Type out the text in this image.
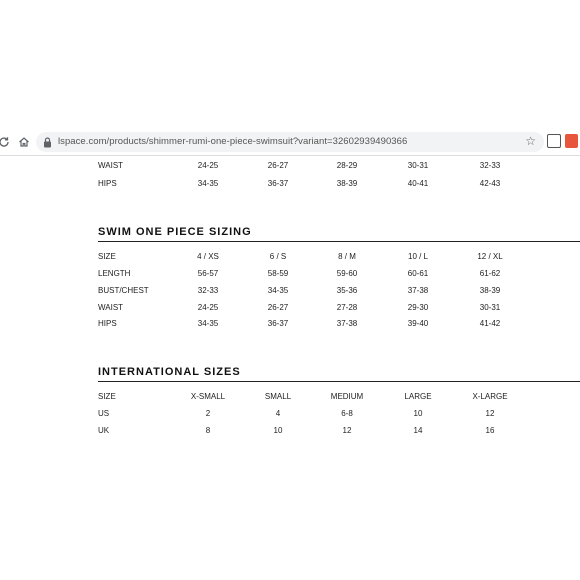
lspace.com/products/shimmer-rumi-one-piece-swimsuit?variant=32602939490366	☆
WAIST	24-25	26-27	28-29	30-31	32-33
HIPS	34-35	36-37	38-39	40-41	42-43
SWIM ONE PIECE SIZING
SIZE	4 / XS	6 / S	8 / M	10 / L	12 / XL
LENGTH	56-57	58-59	59-60	60-61	61-62
BUST/CHEST	32-33	34-35	35-36	37-38	38-39
WAIST	24-25	26-27	27-28	29-30	30-31
HIPS	34-35	36-37	37-38	39-40	41-42
INTERNATIONAL SIZES
SIZE	X-SMALL	SMALL	MEDIUM	LARGE	X-LARGE
US	2	4	6-8	10	12
UK	8	10	12	14	16
